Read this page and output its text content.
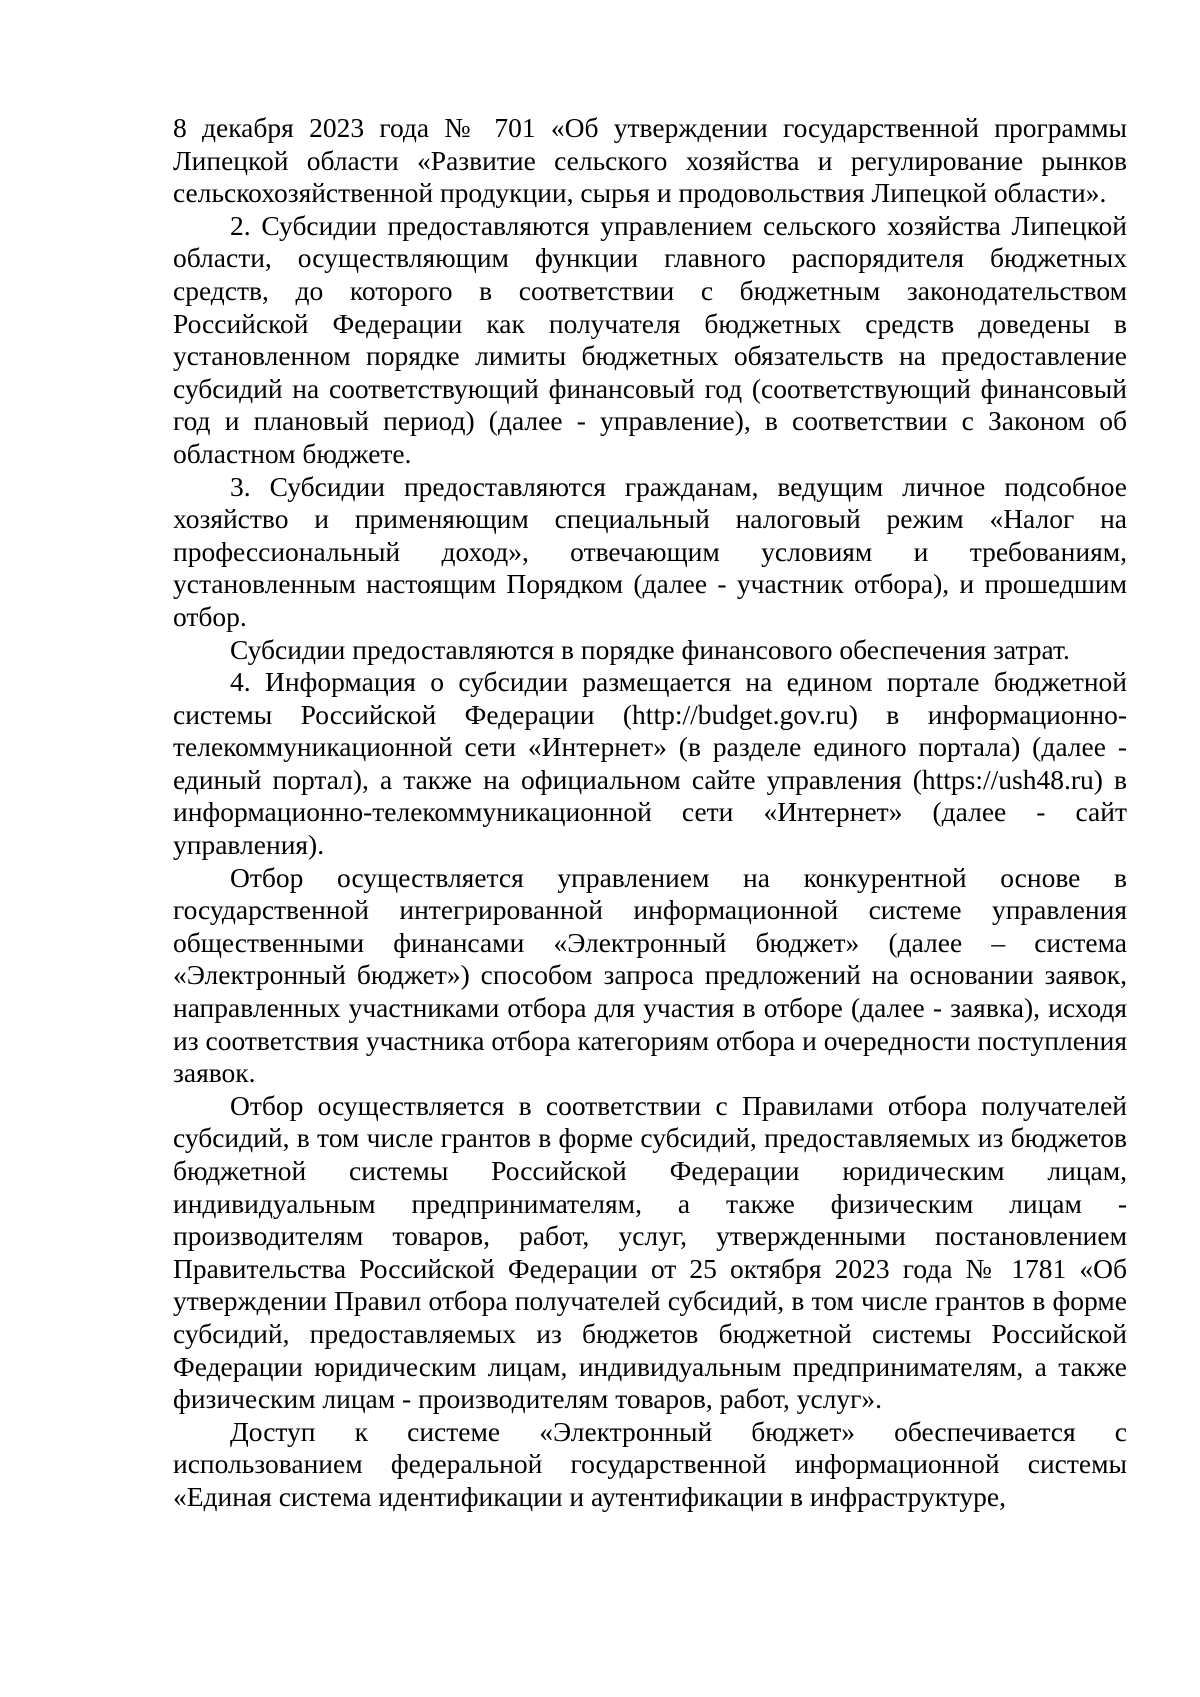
8 декабря 2023 года № 701 «Об утверждении государственной программы Липецкой области «Развитие сельского хозяйства и регулирование рынков сельскохозяйственной продукции, сырья и продовольствия Липецкой области».

2. Субсидии предоставляются управлением сельского хозяйства Липецкой области, осуществляющим функции главного распорядителя бюджетных средств, до которого в соответствии с бюджетным законодательством Российской Федерации как получателя бюджетных средств доведены в установленном порядке лимиты бюджетных обязательств на предоставление субсидий на соответствующий финансовый год (соответствующий финансовый год и плановый период) (далее - управление), в соответствии с Законом об областном бюджете.

3. Субсидии предоставляются гражданам, ведущим личное подсобное хозяйство и применяющим специальный налоговый режим «Налог на профессиональный доход», отвечающим условиям и требованиям, установленным настоящим Порядком (далее - участник отбора), и прошедшим отбор.

Субсидии предоставляются в порядке финансового обеспечения затрат.

4. Информация о субсидии размещается на едином портале бюджетной системы Российской Федерации (http://budget.gov.ru) в информационно-телекоммуникационной сети «Интернет» (в разделе единого портала) (далее - единый портал), а также на официальном сайте управления (https://ush48.ru) в информационно-телекоммуникационной сети «Интернет» (далее - сайт управления).

Отбор осуществляется управлением на конкурентной основе в государственной интегрированной информационной системе управления общественными финансами «Электронный бюджет» (далее – система «Электронный бюджет») способом запроса предложений на основании заявок, направленных участниками отбора для участия в отборе (далее - заявка), исходя из соответствия участника отбора категориям отбора и очередности поступления заявок.

Отбор осуществляется в соответствии с Правилами отбора получателей субсидий, в том числе грантов в форме субсидий, предоставляемых из бюджетов бюджетной системы Российской Федерации юридическим лицам, индивидуальным предпринимателям, а также физическим лицам - производителям товаров, работ, услуг, утвержденными постановлением Правительства Российской Федерации от 25 октября 2023 года № 1781 «Об утверждении Правил отбора получателей субсидий, в том числе грантов в форме субсидий, предоставляемых из бюджетов бюджетной системы Российской Федерации юридическим лицам, индивидуальным предпринимателям, а также физическим лицам - производителям товаров, работ, услуг».

Доступ к системе «Электронный бюджет» обеспечивается с использованием федеральной государственной информационной системы «Единая система идентификации и аутентификации в инфраструктуре,
